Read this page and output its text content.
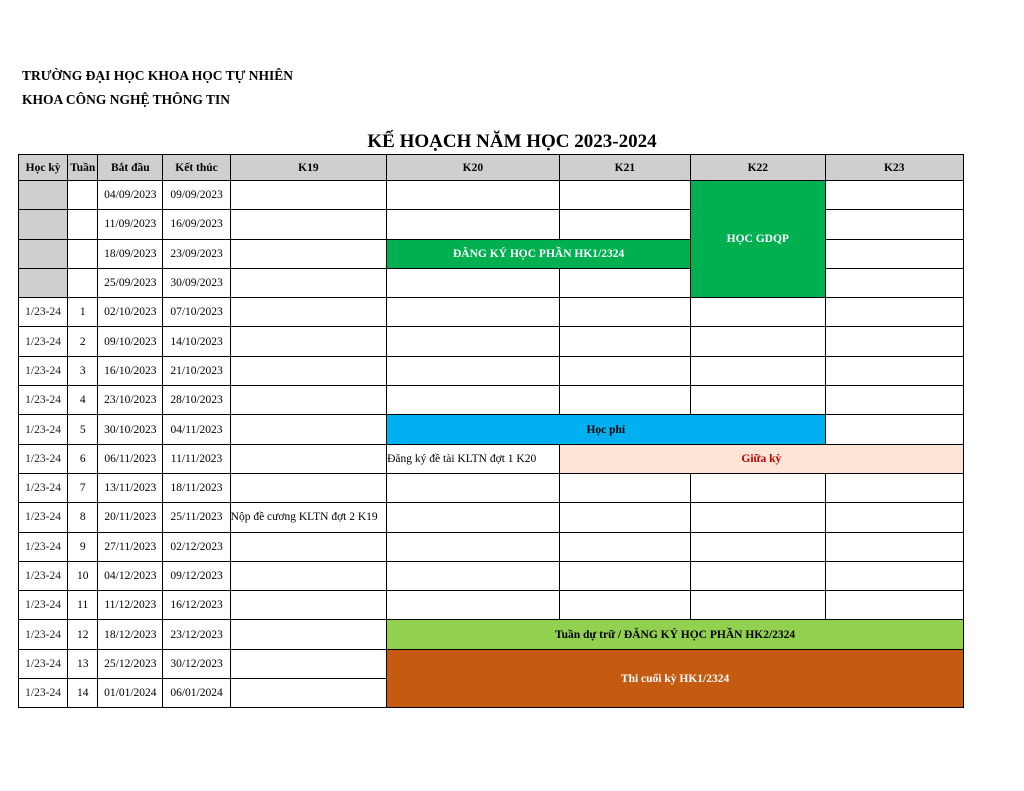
TRƯỜNG ĐẠI HỌC KHOA HỌC TỰ NHIÊN
KHOA CÔNG NGHỆ THÔNG TIN
KẾ HOẠCH NĂM HỌC 2023-2024
Học kỳ	Tuần	Bắt đầu	Kết thúc	K19	K20	K21	K22	K23
		04/09/2023	09/09/2023				HỌC GDQP	
		11/09/2023	16/09/2023					
		18/09/2023	23/09/2023		ĐĂNG KÝ HỌC PHẦN HK1/2324			
		25/09/2023	30/09/2023					
1/23-24	1	02/10/2023	07/10/2023					
1/23-24	2	09/10/2023	14/10/2023					
1/23-24	3	16/10/2023	21/10/2023					
1/23-24	4	23/10/2023	28/10/2023					
1/23-24	5	30/10/2023	04/11/2023		Học phí			
1/23-24	6	06/11/2023	11/11/2023		Đăng ký đề tài KLTN đợt 1 K20	Giữa kỳ		
1/23-24	7	13/11/2023	18/11/2023					
1/23-24	8	20/11/2023	25/11/2023	Nộp đề cương KLTN đợt 2 K19				
1/23-24	9	27/11/2023	02/12/2023					
1/23-24	10	04/12/2023	09/12/2023					
1/23-24	11	11/12/2023	16/12/2023					
1/23-24	12	18/12/2023	23/12/2023		Tuần dự trữ / ĐĂNG KÝ HỌC PHẦN HK2/2324			
1/23-24	13	25/12/2023	30/12/2023		Thi cuối kỳ HK1/2324			
1/23-24	14	01/01/2024	06/01/2024					
